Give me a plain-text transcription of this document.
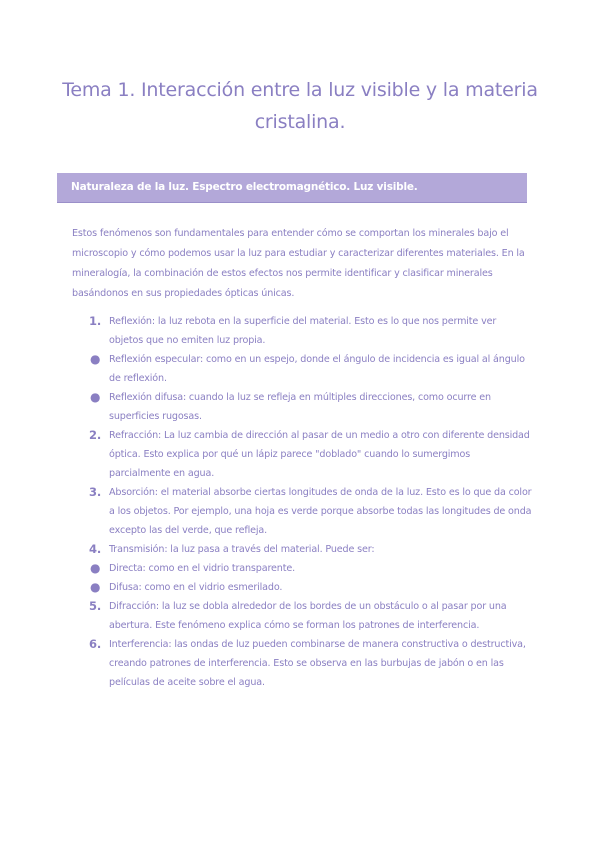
Tema 1. Interacción entre la luz visible y la materia cristalina.
Naturaleza de la luz. Espectro electromagnético. Luz visible.

Estos fenómenos son fundamentales para entender cómo se comportan los minerales bajo el microscopio y cómo podemos usar la luz para estudiar y caracterizar diferentes materiales. En la mineralogía, la combinación de estos efectos nos permite identificar y clasificar minerales basándonos en sus propiedades ópticas únicas.

1. Reflexión: la luz rebota en la superficie del material. Esto es lo que nos permite ver objetos que no emiten luz propia.
● Reflexión especular: como en un espejo, donde el ángulo de incidencia es igual al ángulo de reflexión.
● Reflexión difusa: cuando la luz se refleja en múltiples direcciones, como ocurre en superficies rugosas.
2. Refracción: La luz cambia de dirección al pasar de un medio a otro con diferente densidad óptica. Esto explica por qué un lápiz parece "doblado" cuando lo sumergimos parcialmente en agua.
3. Absorción: el material absorbe ciertas longitudes de onda de la luz. Esto es lo que da color a los objetos. Por ejemplo, una hoja es verde porque absorbe todas las longitudes de onda excepto las del verde, que refleja.
4. Transmisión: la luz pasa a través del material. Puede ser:
● Directa: como en el vidrio transparente.
● Difusa: como en el vidrio esmerilado.
5. Difracción: la luz se dobla alrededor de los bordes de un obstáculo o al pasar por una abertura. Este fenómeno explica cómo se forman los patrones de interferencia.
6. Interferencia: las ondas de luz pueden combinarse de manera constructiva o destructiva, creando patrones de interferencia. Esto se observa en las burbujas de jabón o en las películas de aceite sobre el agua.
